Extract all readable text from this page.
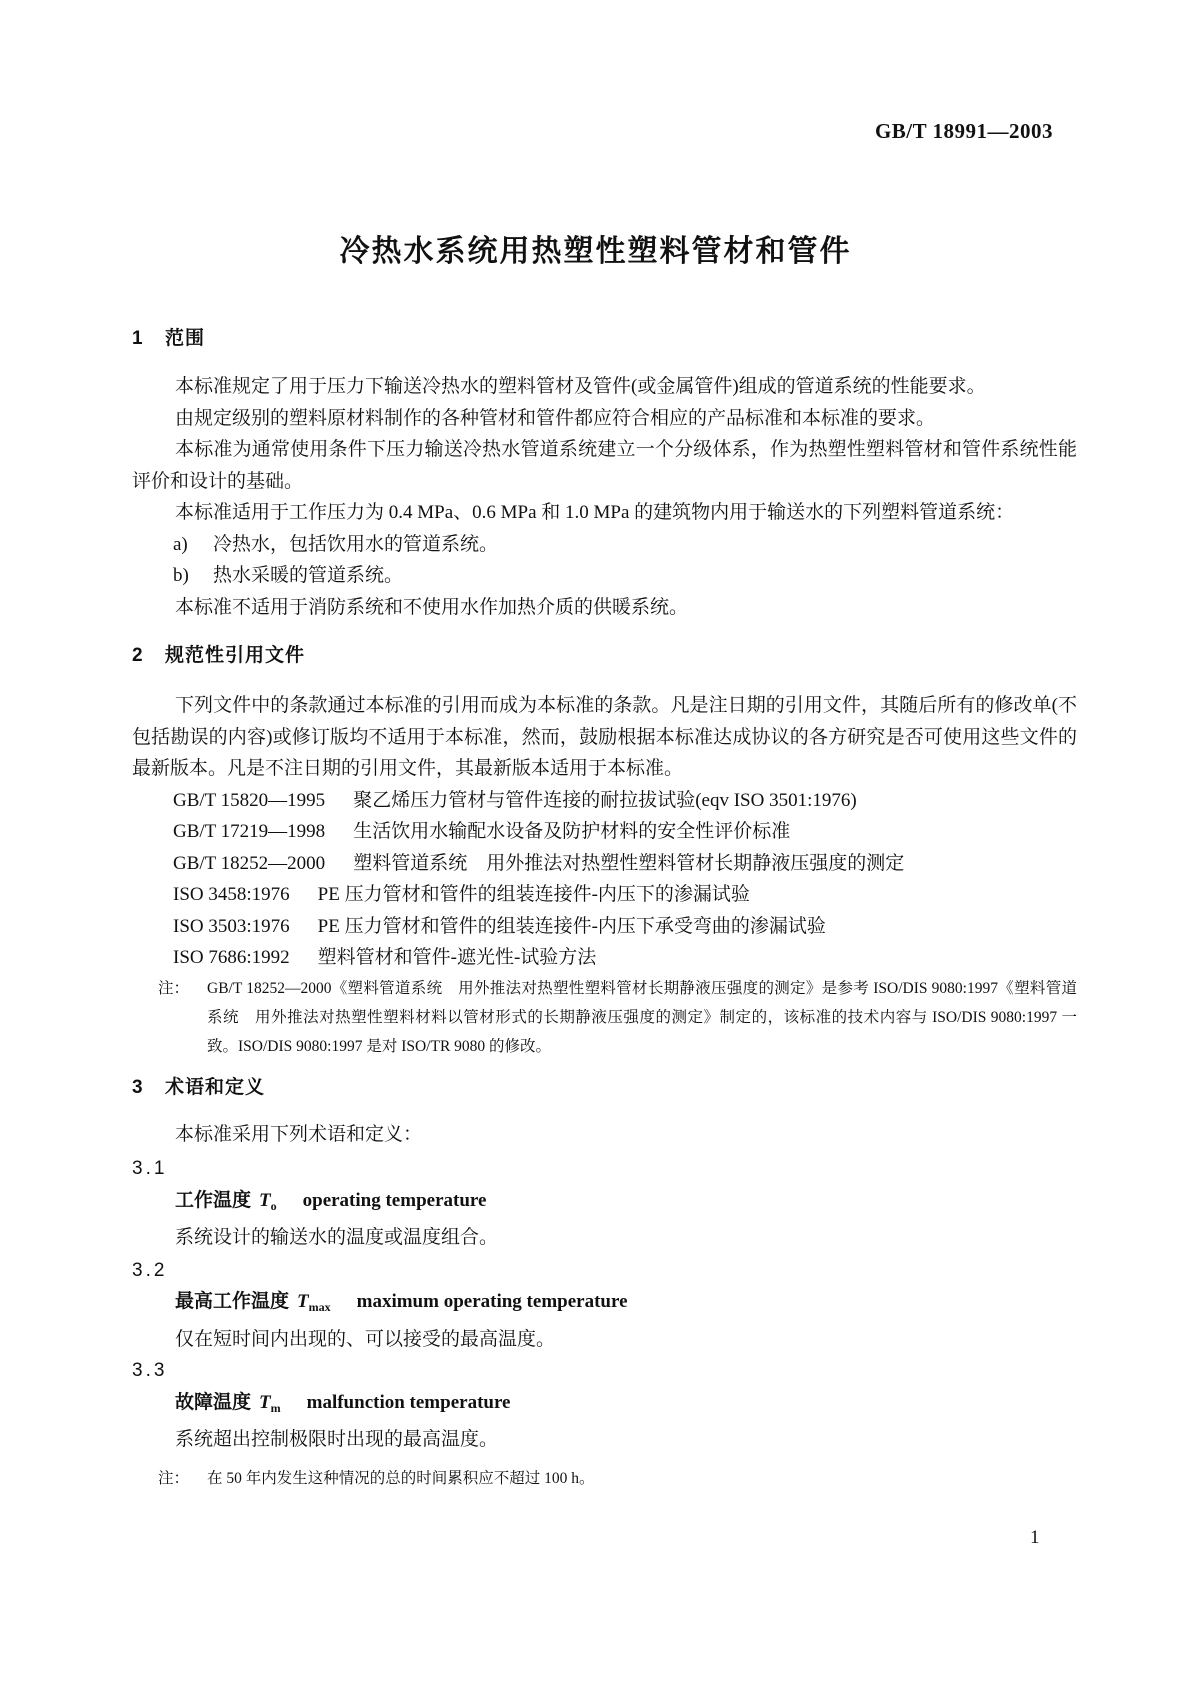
GB/T 18991—2003
冷热水系统用热塑性塑料管材和管件
1 范围

本标准规定了用于压力下输送冷热水的塑料管材及管件(或金属管件)组成的管道系统的性能要求。

由规定级别的塑料原材料制作的各种管材和管件都应符合相应的产品标准和本标准的要求。

本标准为通常使用条件下压力输送冷热水管道系统建立一个分级体系，作为热塑性塑料管材和管件系统性能评价和设计的基础。

本标准适用于工作压力为 0.4 MPa、0.6 MPa 和 1.0 MPa 的建筑物内用于输送水的下列塑料管道系统：

a) 冷热水，包括饮用水的管道系统。
b) 热水采暖的管道系统。

本标准不适用于消防系统和不使用水作加热介质的供暖系统。

2 规范性引用文件

下列文件中的条款通过本标准的引用而成为本标准的条款。凡是注日期的引用文件，其随后所有的修改单(不包括勘误的内容)或修订版均不适用于本标准，然而，鼓励根据本标准达成协议的各方研究是否可使用这些文件的最新版本。凡是不注日期的引用文件，其最新版本适用于本标准。

GB/T 15820—1995 聚乙烯压力管材与管件连接的耐拉拔试验(eqv ISO 3501:1976)
GB/T 17219—1998 生活饮用水输配水设备及防护材料的安全性评价标准
GB/T 18252—2000 塑料管道系统　用外推法对热塑性塑料管材长期静液压强度的测定
ISO 3458:1976 PE 压力管材和管件的组装连接件-内压下的渗漏试验
ISO 3503:1976 PE 压力管材和管件的组装连接件-内压下承受弯曲的渗漏试验
ISO 7686:1992 塑料管材和管件-遮光性-试验方法
注：	GB/T 18252—2000《塑料管道系统　用外推法对热塑性塑料管材长期静液压强度的测定》是参考 ISO/DIS 9080:1997《塑料管道系统　用外推法对热塑性塑料材料以管材形式的长期静液压强度的测定》制定的，该标准的技术内容与 ISO/DIS 9080:1997 一致。ISO/DIS 9080:1997 是对 ISO/TR 9080 的修改。
3 术语和定义

本标准采用下列术语和定义：

3.1
工作温度 $T_o$ operating temperature

系统设计的输送水的温度或温度组合。

3.2
最高工作温度 $T_{max}$ maximum operating temperature

仅在短时间内出现的、可以接受的最高温度。

3.3
故障温度 $T_m$ malfunction temperature

系统超出控制极限时出现的最高温度。

注：	在 50 年内发生这种情况的总的时间累积应不超过 100 h。
1
